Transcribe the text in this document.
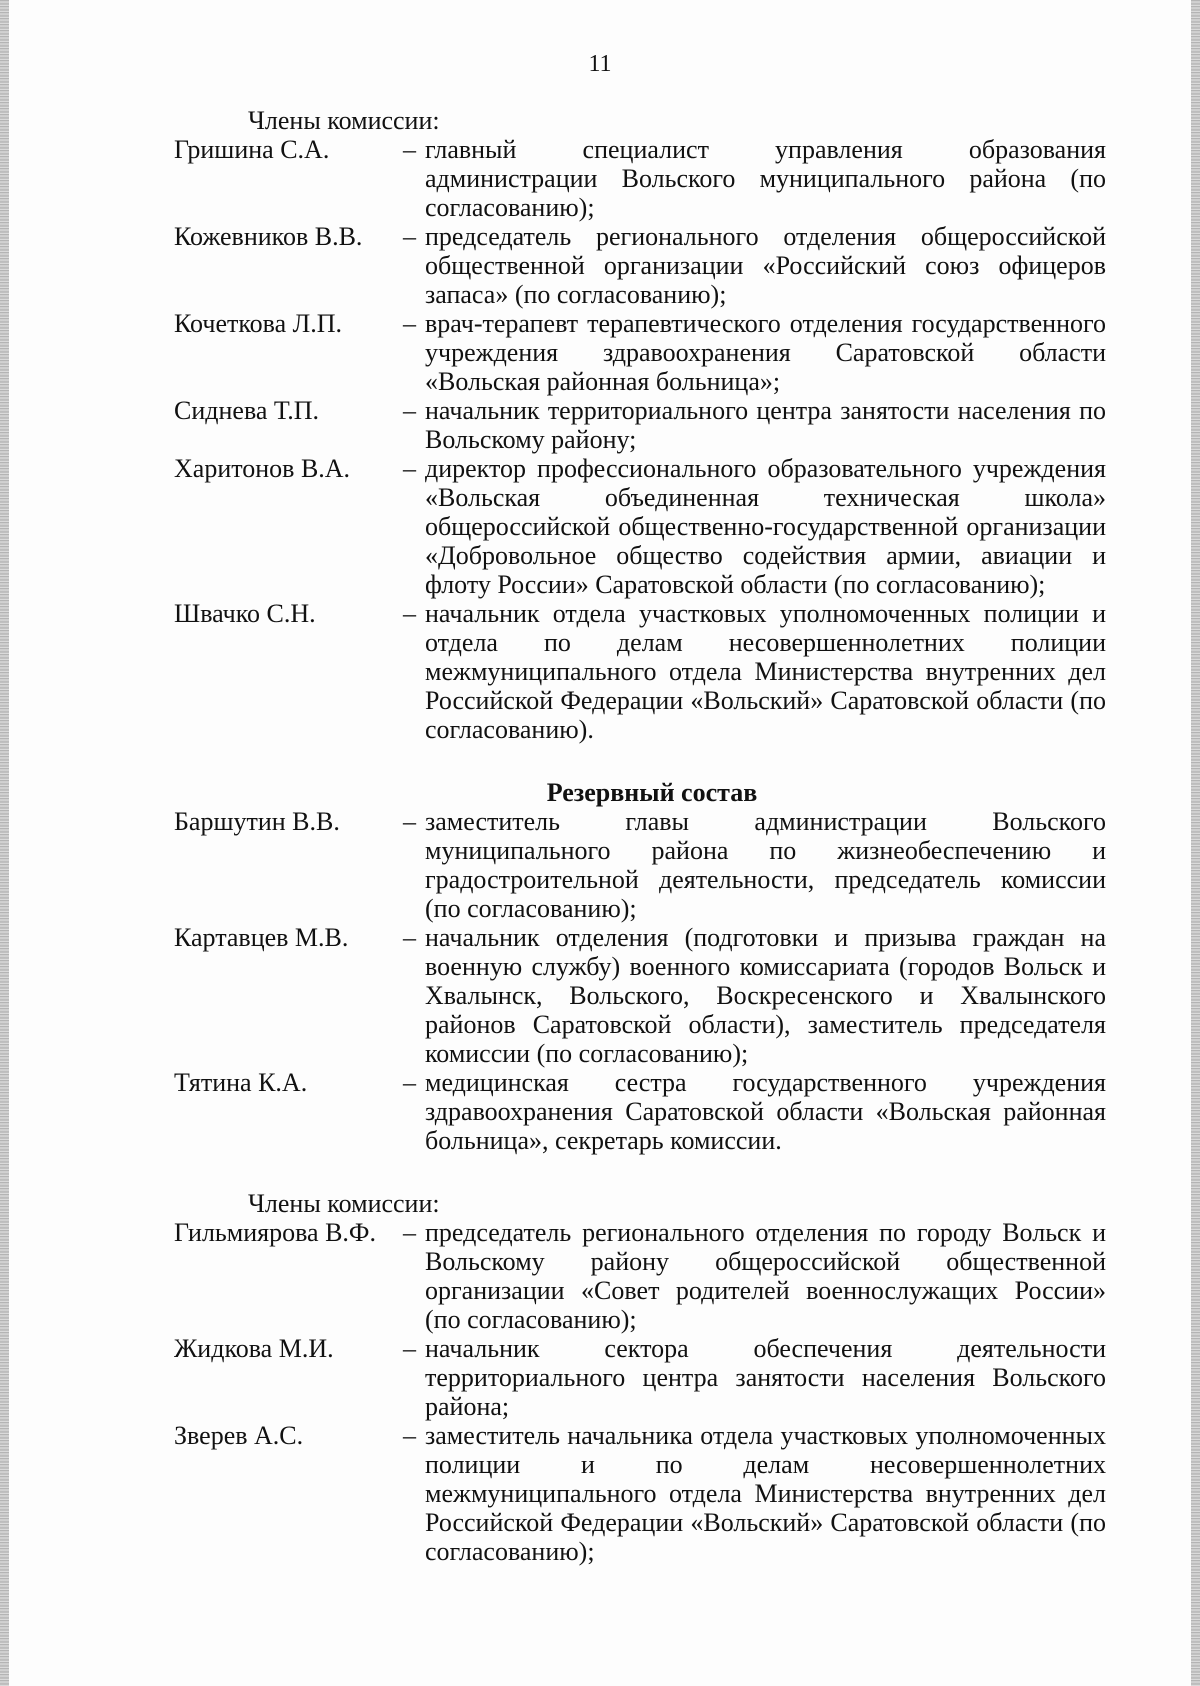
11
Члены комиссии:
Гришина С.А.	– главный специалист управления образования администрации Вольского муниципального района (по согласованию);
Кожевников В.В.	– председатель регионального отделения общероссийской общественной организации «Российский союз офицеров запаса» (по согласованию);
Кочеткова Л.П.	– врач-терапевт терапевтического отделения государственного учреждения здравоохранения Саратовской области «Вольская районная больница»;
Сиднева Т.П.	– начальник территориального центра занятости населения по Вольскому району;
Харитонов В.А.	– директор профессионального образовательного учреждения «Вольская объединенная техническая школа» общероссийской общественно-государственной организации «Добровольное общество содействия армии, авиации и флоту России» Саратовской области (по согласованию);
Швачко С.Н.	– начальник отдела участковых уполномоченных полиции и отдела по делам несовершеннолетних полиции межмуниципального отдела Министерства внутренних дел Российской Федерации «Вольский» Саратовской области (по согласованию).
Резервный состав
Баршутин В.В.	– заместитель главы администрации Вольского муниципального района по жизнеобеспечению и градостроительной деятельности, председатель комиссии (по согласованию);
Картавцев М.В.	– начальник отделения (подготовки и призыва граждан на военную службу) военного комиссариата (городов Вольск и Хвалынск, Вольского, Воскресенского и Хвалынского районов Саратовской области), заместитель председателя комиссии (по согласованию);
Тятина К.А.	– медицинская сестра государственного учреждения здравоохранения Саратовской области «Вольская районная больница», секретарь комиссии.
Члены комиссии:
Гильмиярова В.Ф.	– председатель регионального отделения по городу Вольск и Вольскому району общероссийской общественной организации «Совет родителей военнослужащих России» (по согласованию);
Жидкова М.И.	– начальник сектора обеспечения деятельности территориального центра занятости населения Вольского района;
Зверев А.С.	– заместитель начальника отдела участковых уполномоченных полиции и по делам несовершеннолетних межмуниципального отдела Министерства внутренних дел Российской Федерации «Вольский» Саратовской области (по согласованию);
